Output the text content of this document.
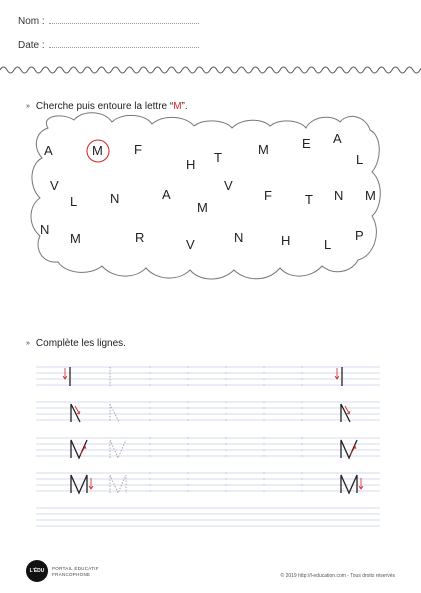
Nom :
Date :
» Cherche puis entoure la lettre “ M ”.
A	M F
H T
M	E A
L
V
L	N	A
M
V
F	T N M
N
M	R	V	N	H	L
P
» Complète les lignes.
L'ÉDU	PORTAIL ÉDUCATIF
FRANCOPHONE	© 2019 http://l-education.com - Tous droits réservés
